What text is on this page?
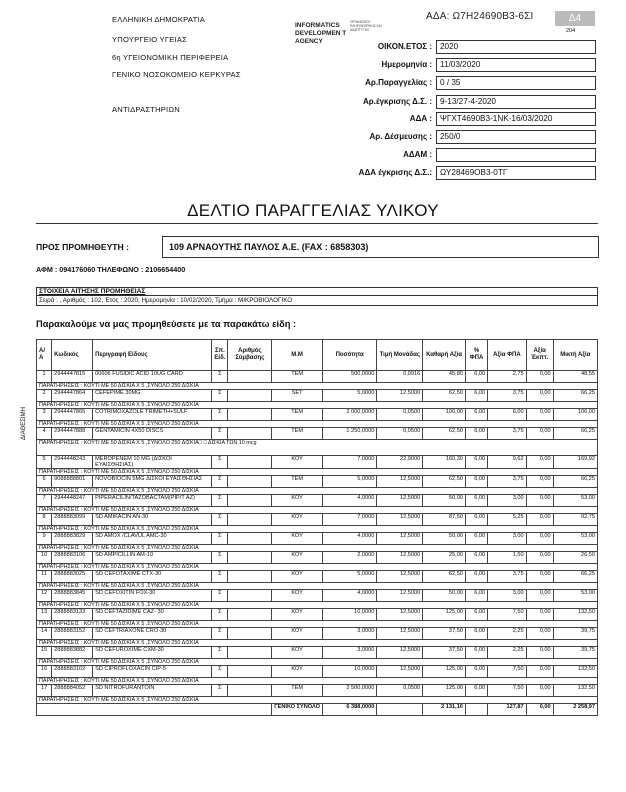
ΕΛΛΗΝΙΚΗ ΔΗΜΟΚΡΑΤΙΑ
ΥΠΟΥΡΓΕΙΟ ΥΓΕΙΑΣ
6η ΥΓΕΙΟΝΟΜΙΚΗ ΠΕΡΙΦΕΡΕΙΑ
ΓΕΝΙΚΟ ΝΟΣΟΚΟΜΕΙΟ ΚΕΡΚΥΡΑΣ
ΑΝΤΙΔΡΑΣΤΗΡΙΩΝ
INFORMATICS DEVELOPMEN T AGENCY
ΟΡΓΑΝΙΣΜΟΣ ΠΛΗΡΟΦΟΡΙΚΗΣ ΚΑΙ ΑΝΑΠΤΥΞΗΣ
ΑΔΑ: Ω7Η24690Β3-6ΣΙ	Δ4
204
ΟΙΚΟΝ.ΕΤΟΣ : 2020
Ημερομηνία : 11/03/2020
Αρ.Παραγγελίας : 0 / 35
Αρ.έγκρισης Δ.Σ. : 9-13/27-4-2020
ΑΔΑ : ΨΓΧΤ4690Β3-1ΝΚ-16/03/2020
Αρ. Δέσμευσης : 250/0
ΑΔΑΜ :
ΑΔΑ έγκρισης Δ.Σ.: ΩΥ28469ΟΒ3-0ΤΓ
ΔΕΛΤΙΟ ΠΑΡΑΓΓΕΛΙΑΣ ΥΛΙΚΟΥ
ΠΡΟΣ ΠΡΟΜΗΘΕΥΤΗ :	109 ΑΡΝΑΟΥΤΗΣ ΠΑΥΛΟΣ Α.Ε. (FAX : 6858303)
ΑΦΜ : 094176060 ΤΗΛΕΦΩΝΟ : 2106654400
ΣΤΟΙΧΕΙΑ ΑΙΤΗΣΗΣ ΠΡΟΜΗΘΕΙΑΣ
Σειρά : , Αριθμός : 102, Έτος : 2020, Ημερομηνία : 10/02/2020, Τμήμα : ΜΙΚΡΟΒΙΟΛΟΓΙΚΟ
Παρακαλούμε να μας προμηθεύσετε με τα παρακάτω είδη :
ΔΙΑΘΕΣΙΜΗ
Α/Α	Κωδικός	Περιγραφή Είδους	Σπ. Είδ.	Αριθμός Σύμβασης	Μ.Μ	Ποσότητα	Τιμή Μονάδας	Καθαρή Αξία	% ΦΠΑ	Αξία ΦΠΑ	Αξία Έκπτ.	Μικτή Αξία
1	2944447815	00606 FUSIDIC ACID 10UG CARD	Σ		TEM	500,0000	0,0916	45,80	6,00	2,75	0,00	48,55
ΠΑΡΑΤΗΡΗΣΕΙΣ : ΚΟΥΤΙ ΜΕ 50 ΔΙΣΚΙΑ Χ 5 ,ΣΥΝΟΛΟ 250 ΔΙΣΚΙΑ												
2	2944447864	CEFEPIME 30MG	Σ		SET	5,0000	12,5000	62,50	6,00	3,75	0,00	66,25
ΠΑΡΑΤΗΡΗΣΕΙΣ : ΚΟΥΤΙ ΜΕ 50 ΔΙΣΚΙΑ Χ 5 ,ΣΥΝΟΛΟ 250 ΔΙΣΚΙΑ												
3	2944447865	COTRIMOXAZOLE TRIMETH+SULF	Σ		TEM	2 000,0000	0,0500	100,00	6,00	6,00	0,00	106,00
ΠΑΡΑΤΗΡΗΣΕΙΣ : ΚΟΥΤΙ ΜΕ 50 ΔΙΣΚΙΑ Χ 5 ,ΣΥΝΟΛΟ 250 ΔΙΣΚΙΑ												
4	2944447888	GENTAMICIN 4X50 DISCS	Σ		TEM	1 250,0000	0,0500	62,50	6,00	3,75	0,00	66,25
ΠΑΡΑΤΗΡΗΣΕΙΣ : ΚΟΥΤΙ ΜΕ 50 ΔΙΣΚΙΑ Χ 5 ,ΣΥΝΟΛΟ 250 ΔΙΣΚΙΑ□ □ ΔΙΣΚΙΑ ΤΩΝ 10 mcg												
5	2944448243	MEROPENEM 10 MG (ΔΙΣΚΟΙ ΕΥΑΙΣΘΗΣΙΑΣ)	Σ		ΚΟΥ	7,0000	22,9000	160,30	6,00	9,62	0,00	169,92
ΠΑΡΑΤΗΡΗΣΕΙΣ : ΚΟΥΤΙ ΜΕ 50 ΔΙΣΚΙΑ Χ 5 ,ΣΥΝΟΛΟ 250 ΔΙΣΚΙΑ												
6	9088888801	NOVOBIOCIN 5MG ΔΙΣΚΟΙ ΕΥΑΙΣΘΗΣΙΑΣ	Σ		TEM	5,0000	12,5000	62,50	6,00	3,75	0,00	66,25
ΠΑΡΑΤΗΡΗΣΕΙΣ : ΚΟΥΤΙ ΜΕ 50 ΔΙΣΚΙΑ Χ 5 ,ΣΥΝΟΛΟ 250 ΔΙΣΚΙΑ												
7	2944448247	PIPERACILIN/TAZOBACTAM(PIP/T AZ)	Σ		ΚΟΥ	4,0000	12,5000	50,00	6,00	3,00	0,00	53,00
ΠΑΡΑΤΗΡΗΣΕΙΣ : ΚΟΥΤΙ ΜΕ 50 ΔΙΣΚΙΑ Χ 5 ,ΣΥΝΟΛΟ 250 ΔΙΣΚΙΑ												
8	2888883099	SD AMIKACIN AN-30	Σ		ΚΟΥ	7,0000	12,5000	87,50	6,00	5,25	0,00	92,75
ΠΑΡΑΤΗΡΗΣΕΙΣ : ΚΟΥΤΙ ΜΕ 50 ΔΙΣΚΙΑ Χ 5 ,ΣΥΝΟΛΟ 250 ΔΙΣΚΙΑ												
9	2888883829	SD AMOX /CLAVUL AMC-30	Σ		ΚΟΥ	4,0000	12,5000	50,00	6,00	3,00	0,00	53,00
ΠΑΡΑΤΗΡΗΣΕΙΣ : ΚΟΥΤΙ ΜΕ 50 ΔΙΣΚΙΑ Χ 5 ,ΣΥΝΟΛΟ 250 ΔΙΣΚΙΑ												
10	2888883106	SD AMPICILLIN AM-10	Σ		ΚΟΥ	2,0000	12,5000	25,00	6,00	1,50	0,00	26,50
ΠΑΡΑΤΗΡΗΣΕΙΣ : ΚΟΥΤΙ ΜΕ 50 ΔΙΣΚΙΑ Χ 5 ,ΣΥΝΟΛΟ 250 ΔΙΣΚΙΑ												
11	2888883025	SD CEFOTAXIME CTX-30	Σ		ΚΟΥ	5,0000	12,5000	62,50	6,00	3,75	0,00	66,25
ΠΑΡΑΤΗΡΗΣΕΙΣ : ΚΟΥΤΙ ΜΕ 50 ΔΙΣΚΙΑ Χ 5 ,ΣΥΝΟΛΟ 250 ΔΙΣΚΙΑ												
12	2888883845	SD CEFOXITIN FOX-30	Σ		ΚΟΥ	4,0000	12,5000	50,00	6,00	3,00	0,00	53,00
ΠΑΡΑΤΗΡΗΣΕΙΣ : ΚΟΥΤΙ ΜΕ 50 ΔΙΣΚΙΑ Χ 5 ,ΣΥΝΟΛΟ 250 ΔΙΣΚΙΑ												
13	2888883133	SD CEFTAZIDIME CAZ- 30	Σ		ΚΟΥ	10,0000	12,5000	125,00	6,00	7,50	0,00	132,50
ΠΑΡΑΤΗΡΗΣΕΙΣ : ΚΟΥΤΙ ΜΕ 50 ΔΙΣΚΙΑ Χ 5 ,ΣΥΝΟΛΟ 250 ΔΙΣΚΙΑ												
14	2888883152	SD CEFTRIAXONE CRO-30	Σ		ΚΟΥ	3,0000	12,5000	37,50	6,00	2,25	0,00	39,75
ΠΑΡΑΤΗΡΗΣΕΙΣ : ΚΟΥΤΙ ΜΕ 50 ΔΙΣΚΙΑ Χ 5 ,ΣΥΝΟΛΟ 250 ΔΙΣΚΙΑ												
15	2888883882	SD CEFUROXIME CXM-30	Σ		ΚΟΥ	3,0000	12,5000	37,50	6,00	2,25	0,00	39,75
ΠΑΡΑΤΗΡΗΣΕΙΣ : ΚΟΥΤΙ ΜΕ 50 ΔΙΣΚΙΑ Χ 5 ,ΣΥΝΟΛΟ 250 ΔΙΣΚΙΑ												
16	2888883102	SD CIPROFLOXACIN CIP-5	Σ		ΚΟΥ	10,0000	12,5000	125,00	6,00	7,50	0,00	132,50
ΠΑΡΑΤΗΡΗΣΕΙΣ : ΚΟΥΤΙ ΜΕ 50 ΔΙΣΚΙΑ Χ 5 ,ΣΥΝΟΛΟ 250 ΔΙΣΚΙΑ												
17	2888884052	SD NITROFURANTOIN	Σ		TEM	2 500,0000	0,0500	125,00	6,00	7,50	0,00	132,50
ΠΑΡΑΤΗΡΗΣΕΙΣ : ΚΟΥΤΙ ΜΕ 50 ΔΙΣΚΙΑ Χ 5 ,ΣΥΝΟΛΟ 250 ΔΙΣΚΙΑ												
					ΓΕΝΙΚΟ ΣΥΝΟΛΟ	6 388,0000		2 131,10		127,87	0,00	2 258,97
